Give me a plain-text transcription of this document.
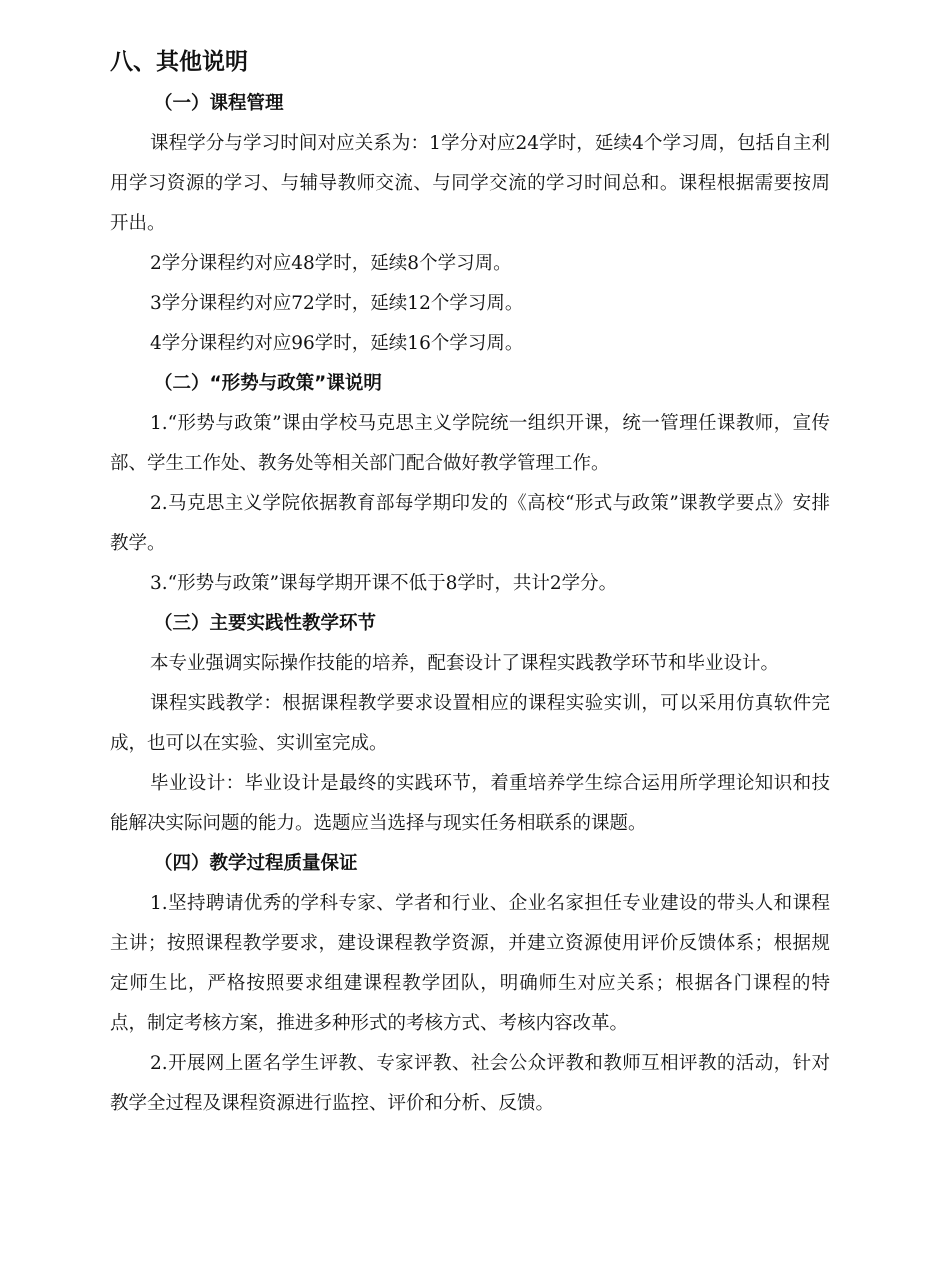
八、其他说明
（一）课程管理

课程学分与学习时间对应关系为：1学分对应24学时，延续4个学习周，包括自主利用学习资源的学习、与辅导教师交流、与同学交流的学习时间总和。课程根据需要按周开出。

2学分课程约对应48学时，延续8个学习周。

3学分课程约对应72学时，延续12个学习周。

4学分课程约对应96学时，延续16个学习周。

（二）“形势与政策”课说明

1.“形势与政策”课由学校马克思主义学院统一组织开课，统一管理任课教师，宣传部、学生工作处、教务处等相关部门配合做好教学管理工作。

2.马克思主义学院依据教育部每学期印发的《高校“形式与政策”课教学要点》安排教学。

3.“形势与政策”课每学期开课不低于8学时，共计2学分。

（三）主要实践性教学环节

本专业强调实际操作技能的培养，配套设计了课程实践教学环节和毕业设计。

课程实践教学：根据课程教学要求设置相应的课程实验实训，可以采用仿真软件完成，也可以在实验、实训室完成。

毕业设计：毕业设计是最终的实践环节，着重培养学生综合运用所学理论知识和技能解决实际问题的能力。选题应当选择与现实任务相联系的课题。

（四）教学过程质量保证

1.坚持聘请优秀的学科专家、学者和行业、企业名家担任专业建设的带头人和课程主讲；按照课程教学要求，建设课程教学资源，并建立资源使用评价反馈体系；根据规定师生比，严格按照要求组建课程教学团队，明确师生对应关系；根据各门课程的特点，制定考核方案，推进多种形式的考核方式、考核内容改革。

2.开展网上匿名学生评教、专家评教、社会公众评教和教师互相评教的活动，针对教学全过程及课程资源进行监控、评价和分析、反馈。
